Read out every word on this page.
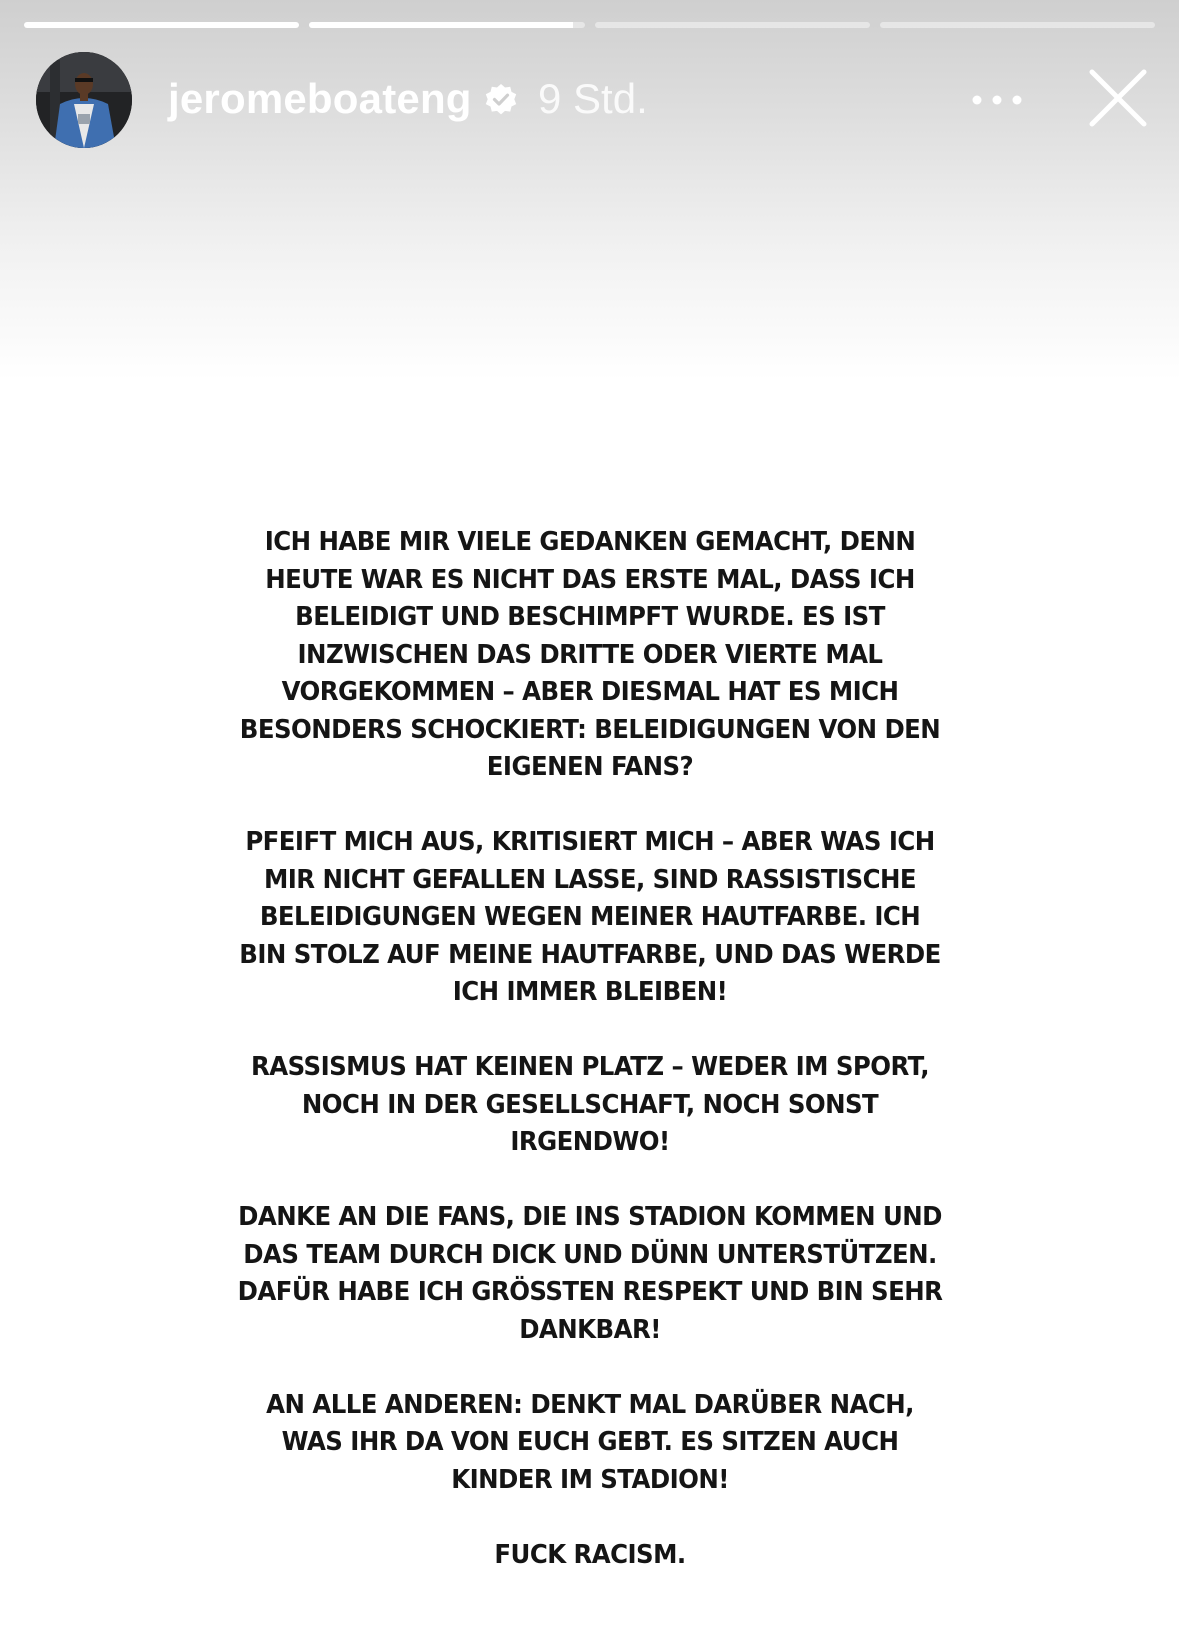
jeromeboateng 9 Std.

ICH HABE MIR VIELE GEDANKEN GEMACHT, DENN
HEUTE WAR ES NICHT DAS ERSTE MAL, DASS ICH
BELEIDIGT UND BESCHIMPFT WURDE. ES IST
INZWISCHEN DAS DRITTE ODER VIERTE MAL
VORGEKOMMEN – ABER DIESMAL HAT ES MICH
BESONDERS SCHOCKIERT: BELEIDIGUNGEN VON DEN
EIGENEN FANS?

PFEIFT MICH AUS, KRITISIERT MICH – ABER WAS ICH
MIR NICHT GEFALLEN LASSE, SIND RASSISTISCHE
BELEIDIGUNGEN WEGEN MEINER HAUTFARBE. ICH
BIN STOLZ AUF MEINE HAUTFARBE, UND DAS WERDE
ICH IMMER BLEIBEN!

RASSISMUS HAT KEINEN PLATZ – WEDER IM SPORT,
NOCH IN DER GESELLSCHAFT, NOCH SONST
IRGENDWO!

DANKE AN DIE FANS, DIE INS STADION KOMMEN UND
DAS TEAM DURCH DICK UND DÜNN UNTERSTÜTZEN.
DAFÜR HABE ICH GRÖSSTEN RESPEKT UND BIN SEHR
DANKBAR!

AN ALLE ANDEREN: DENKT MAL DARÜBER NACH,
WAS IHR DA VON EUCH GEBT. ES SITZEN AUCH
KINDER IM STADION!

FUCK RACISM.
